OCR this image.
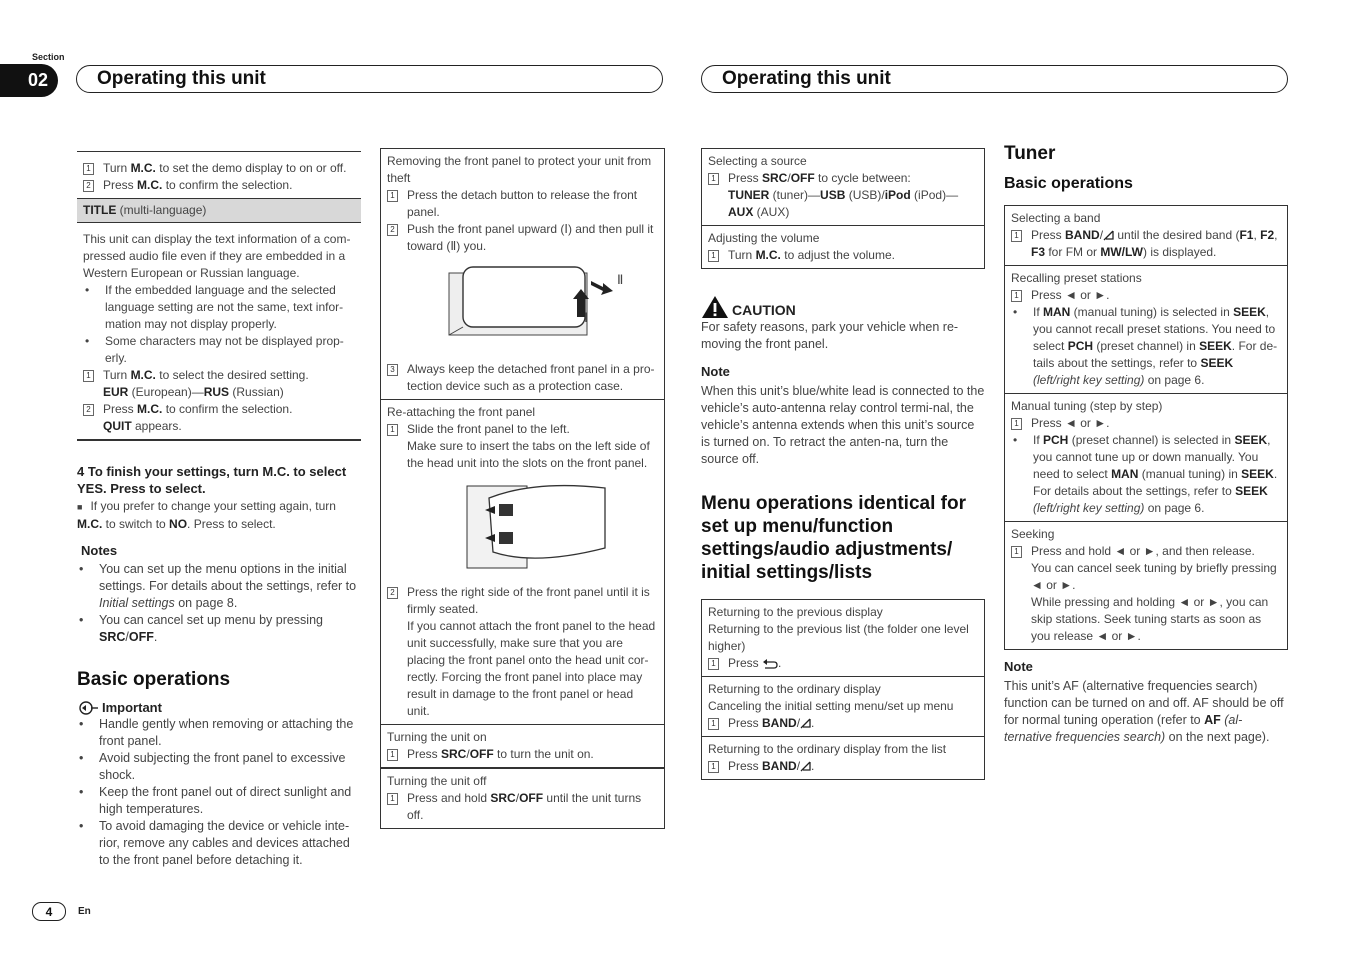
Section
02	Operating this unit	Operating this unit
1 Turn M.C. to set the demo display to on or off.
2 Press M.C. to confirm the selection.
TITLE (multi-language)
This unit can display the text information of a com-pressed audio file even if they are embedded in a Western European or Russian language.
•	If the embedded language and the selected language setting are not the same, text infor-mation may not display properly.
•	Some characters may not be displayed prop-erly.
1 Turn M.C. to select the desired setting.
EUR (European)—RUS (Russian)
2 Press M.C. to confirm the selection.
QUIT appears.
4 To finish your settings, turn M.C. to select YES. Press to select.
■ If you prefer to change your setting again, turn M.C. to switch to NO. Press to select.
Notes
•	You can set up the menu options in the initial settings. For details about the settings, refer to Initial settings on page 8.
•	You can cancel set up menu by pressing SRC/OFF.
Basic operations
Important
•	Handle gently when removing or attaching the front panel.
•	Avoid subjecting the front panel to excessive shock.
•	Keep the front panel out of direct sunlight and high temperatures.
•	To avoid damaging the device or vehicle inte-rior, remove any cables and devices attached to the front panel before detaching it.
Removing the front panel to protect your unit from theft
1 Press the detach button to release the front panel.
2 Push the front panel upward (Ⅰ) and then pull it toward (Ⅱ) you.
Ⅱ
Ⅰ
3 Always keep the detached front panel in a pro-tection device such as a protection case.
Re-attaching the front panel
1 Slide the front panel to the left.
Make sure to insert the tabs on the left side of the head unit into the slots on the front panel.
2 Press the right side of the front panel until it is firmly seated.
If you cannot attach the front panel to the head unit successfully, make sure that you are placing the front panel onto the head unit cor-rectly. Forcing the front panel into place may result in damage to the front panel or head unit.
Turning the unit on
1 Press SRC/OFF to turn the unit on.
Turning the unit off
1 Press and hold SRC/OFF until the unit turns off.
Selecting a source
1 Press SRC/OFF to cycle between:
TUNER (tuner)—USB (USB)/iPod (iPod)—
AUX (AUX)
Adjusting the volume
1 Turn M.C. to adjust the volume.
CAUTION
For safety reasons, park your vehicle when re-moving the front panel.
Note
When this unit’s blue/white lead is connected to the vehicle’s auto-antenna relay control termi-nal, the vehicle’s antenna extends when this unit’s source is turned on. To retract the anten-na, turn the source off.
Menu operations identical for set up menu/function settings/audio adjustments/ initial settings/lists
Returning to the previous display
Returning to the previous list (the folder one level higher)
1 Press
.
Returning to the ordinary display
Canceling the initial setting menu/set up menu
1 Press BAND/ .
Returning to the ordinary display from the list
1 Press BAND/ .
Tuner
Basic operations
Selecting a band
1 Press BAND/
until the desired band (F1, F2, F3 for FM or MW/LW) is displayed.
Recalling preset stations
1 Press ◄ or ►.
•	If MAN (manual tuning) is selected in SEEK, you cannot recall preset stations. You need to select PCH (preset channel) in SEEK. For de-tails about the settings, refer to SEEK (left/right key setting) on page 6.
Manual tuning (step by step)
1 Press ◄ or ►.
•	If PCH (preset channel) is selected in SEEK, you cannot tune up or down manually. You need to select MAN (manual tuning) in SEEK. For details about the settings, refer to SEEK (left/right key setting) on page 6.
Seeking
1 Press and hold ◄ or ►, and then release.
You can cancel seek tuning by briefly pressing ◄ or ►.
While pressing and holding ◄ or ►, you can skip stations. Seek tuning starts as soon as you release ◄ or ►.
Note
This unit’s AF (alternative frequencies search) function can be turned on and off. AF should be off for normal tuning operation (refer to AF (al-ternative frequencies search) on the next page).
4	En
